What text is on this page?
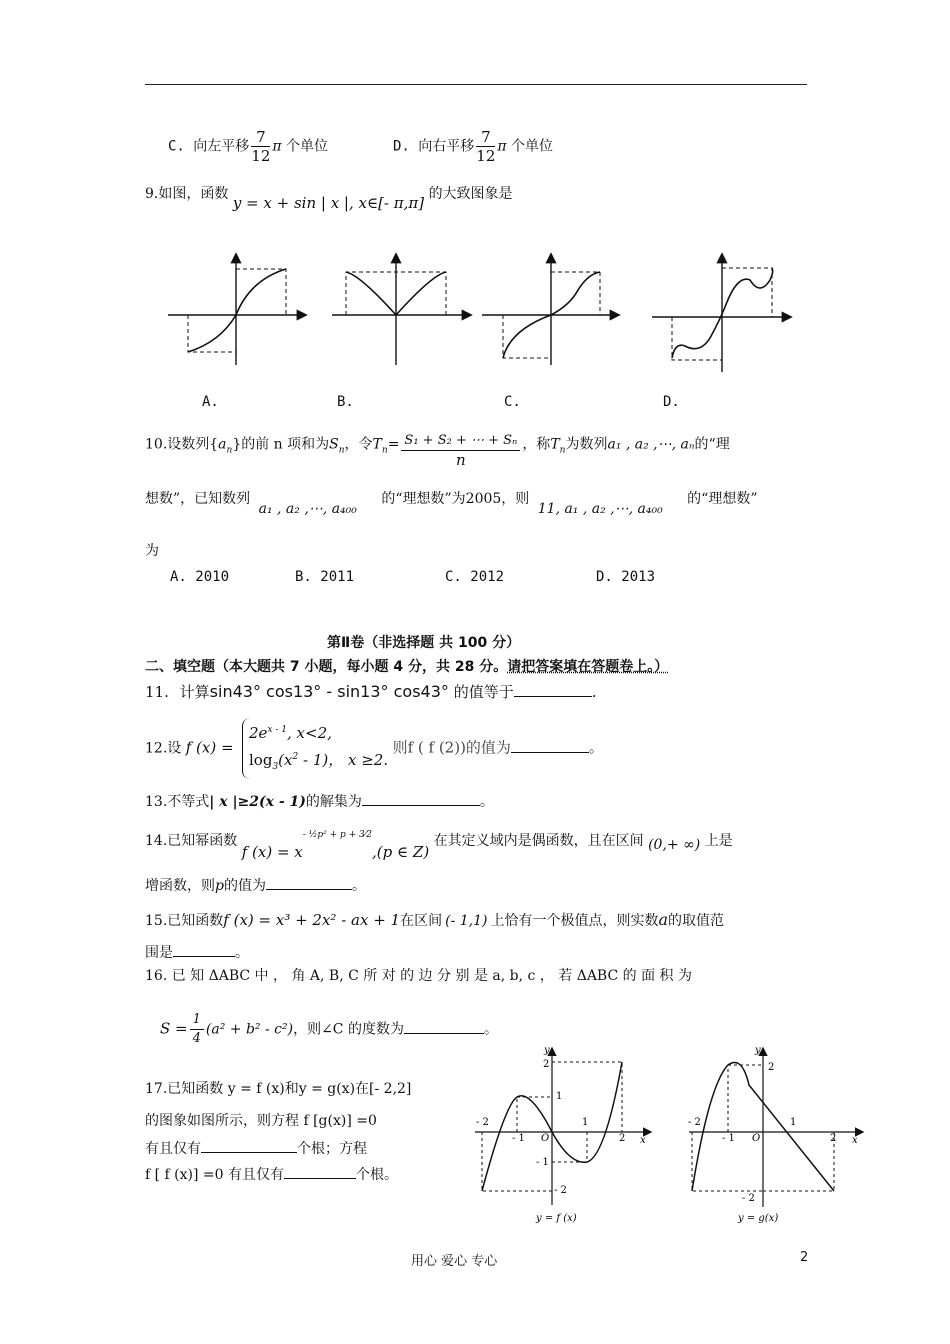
C. 向左平移 $\frac{7}{12}$ π 个单位	D. 向右平移 $\frac{7}{12}$ π 个单位
9.如图，函数 y = x + sin | x |, x∈[- π,π] 的大致图象是
A.	B.	C.	D.
10.设数列$\{a_n\}$的前 n 项和为$S_n$，令$T_n= \frac{\text{S₁ + S₂ + ⋯ + Sₙ}}{n}$ ，称$T_n$为数列a₁ , a₂ ,⋯, aₙ的“理
想数”，已知数列 a₁ , a₂ ,⋯, a₄₀₀ 的“理想数”为2005，则 11, a₁ , a₂ ,⋯, a₄₀₀ 的“理想数”
为
A. 2010	B. 2011	C. 2012	D. 2013
第Ⅱ卷（非选择题 共 100 分）
二、填空题（本大题共 7 小题，每小题 4 分，共 28 分。请把答案填在答题卷上。）
11. 计算sin43° cos13° - sin13° cos43° 的值等于	.
12.设 f (x) =
$2e^{x - 1}$, x<2,
$\log_3(x^2 - 1)$， x ≥2.
则f ( f (2))的值为	。
13.不等式| x |≥2(x - 1)的解集为	。
14.已知幂函数 f $(x) = x^{- \frac{1}{2}p^2 + p + 3⁄2},(p$ ∈ Z) 在其定义域内是偶函数，且在区间 (0,+ ∞) 上是
增函数，则p的值为	。
15.已知函数f (x) = x³ + 2x² - ax + 1在区间 (- 1,1) 上恰有一个极值点，则实数a的取值范
围是	。
16. 已 知 ΔABC 中 ， 角 A, B, C 所 对 的 边 分 别 是 a, b, c ， 若 ΔABC 的 面 积 为
$S = \frac{1}{4} (a^2 + b^2 - c^2)$，则∠C 的度数为	。
17.已知函数 y = f (x)和y = g(x)在[- 2,2]
的图象如图所示，则方程 f [g(x)] =0
有且仅有	个根；方程
f [ f (x)] =0 有且仅有	个根。
y
x
O
2
1
- 1
- 2
- 2
- 1
1
2
y = f (x)
y
x
O
2
- 2
- 1
1
2
- 2
y = g(x)
用心 爱心 专心	2
